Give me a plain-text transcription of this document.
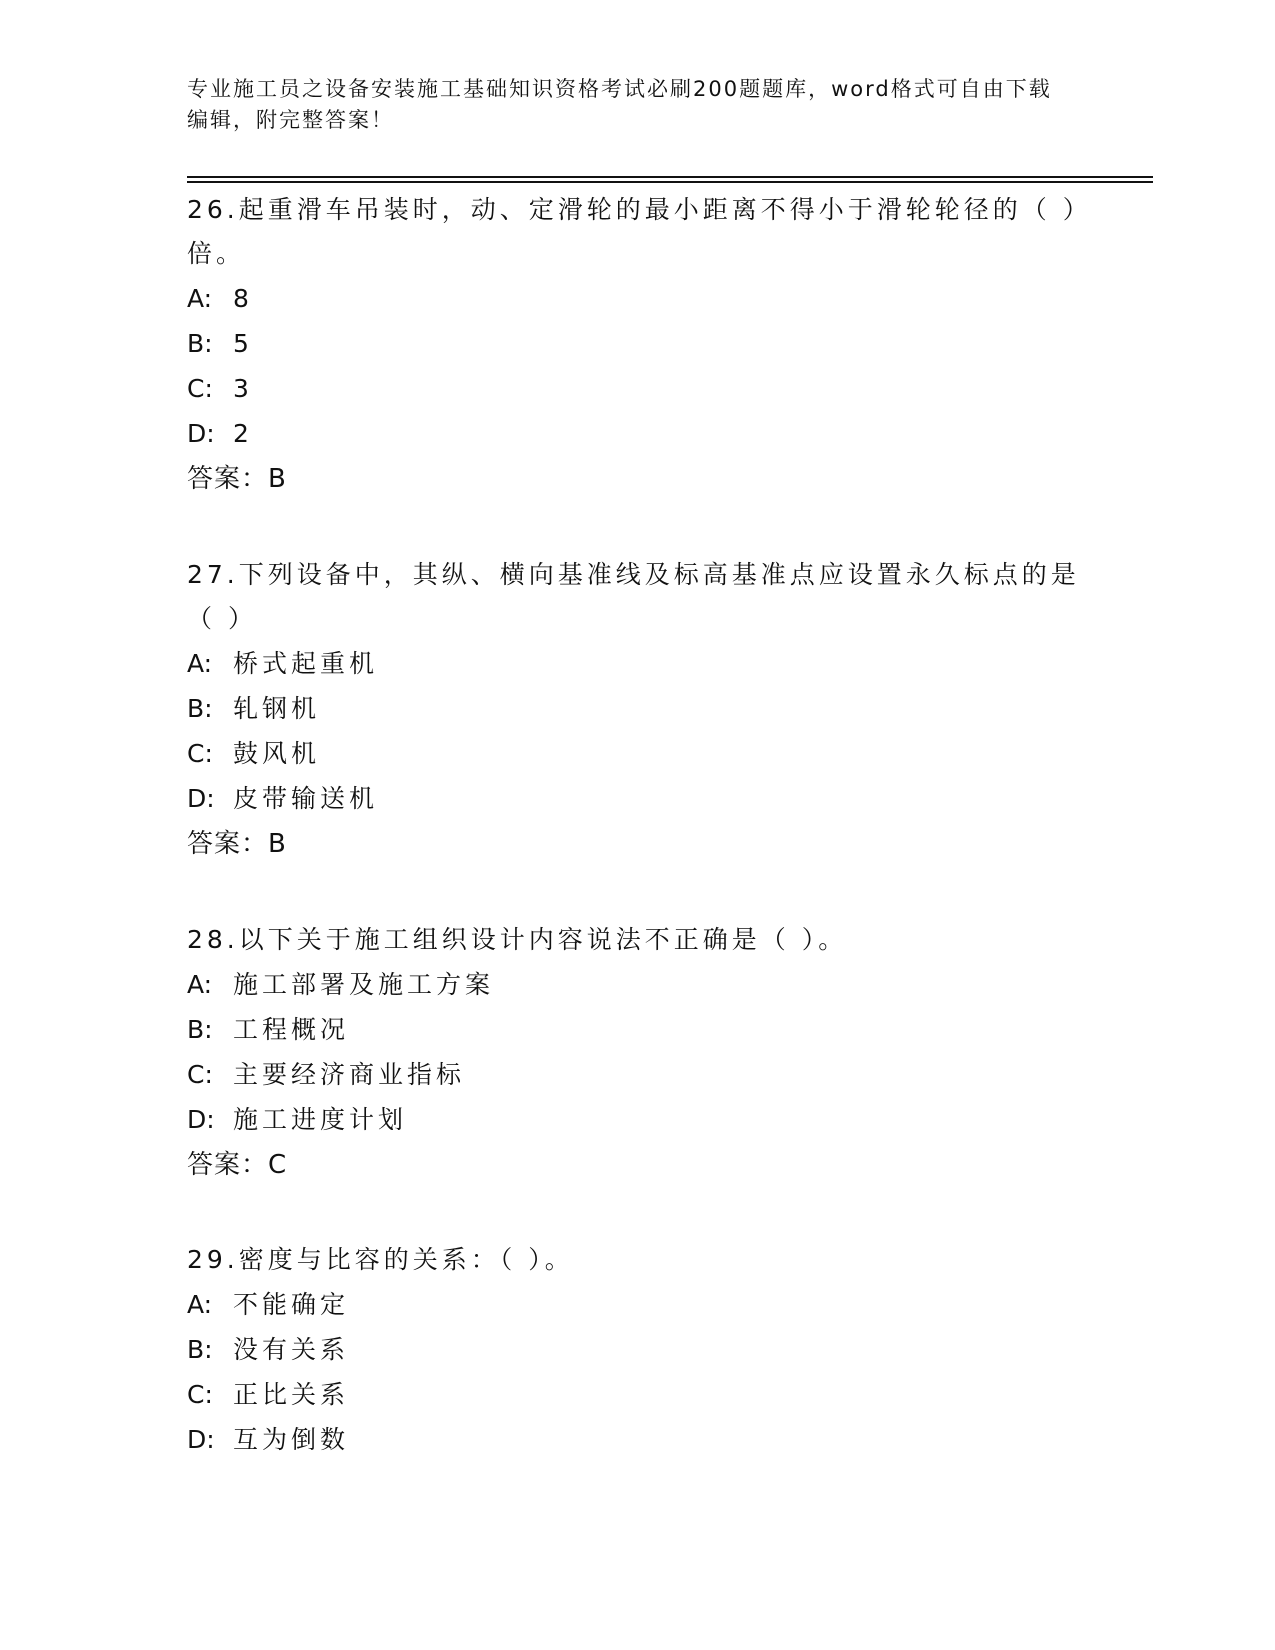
专业施工员之设备安装施工基础知识资格考试必刷200题题库，word格式可自由下载编辑，附完整答案！

26.起重滑车吊装时，动、定滑轮的最小距离不得小于滑轮轮径的（ ）倍。

A: 8

B: 5

C: 3

D: 2

答案：B

27.下列设备中，其纵、横向基准线及标高基准点应设置永久标点的是（ ）

A: 桥式起重机

B: 轧钢机

C: 鼓风机

D: 皮带输送机

答案：B

28.以下关于施工组织设计内容说法不正确是（ ）。

A: 施工部署及施工方案

B: 工程概况

C: 主要经济商业指标

D: 施工进度计划

答案：C

29.密度与比容的关系：（ ）。

A: 不能确定

B: 没有关系

C: 正比关系

D: 互为倒数
